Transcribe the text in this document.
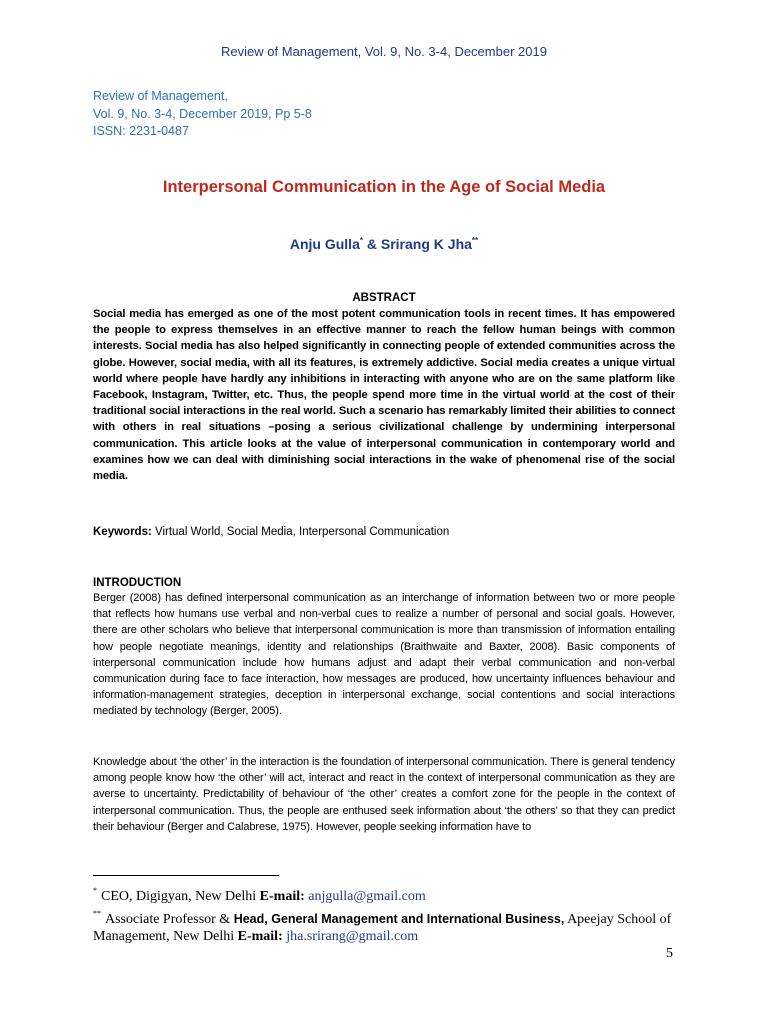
Review of Management, Vol. 9, No. 3-4, December 2019
Review of Management,
Vol. 9, No. 3-4, December 2019, Pp 5-8
ISSN: 2231-0487
Interpersonal Communication in the Age of Social Media
Anju Gulla* & Srirang K Jha**
ABSTRACT
Social media has emerged as one of the most potent communication tools in recent times. It has empowered the people to express themselves in an effective manner to reach the fellow human beings with common interests. Social media has also helped significantly in connecting people of extended communities across the globe. However, social media, with all its features, is extremely addictive. Social media creates a unique virtual world where people have hardly any inhibitions in interacting with anyone who are on the same platform like Facebook, Instagram, Twitter, etc. Thus, the people spend more time in the virtual world at the cost of their traditional social interactions in the real world. Such a scenario has remarkably limited their abilities to connect with others in real situations –posing a serious civilizational challenge by undermining interpersonal communication. This article looks at the value of interpersonal communication in contemporary world and examines how we can deal with diminishing social interactions in the wake of phenomenal rise of the social media.
Keywords: Virtual World, Social Media, Interpersonal Communication
INTRODUCTION
Berger (2008) has defined interpersonal communication as an interchange of information between two or more people that reflects how humans use verbal and non-verbal cues to realize a number of personal and social goals. However, there are other scholars who believe that interpersonal communication is more than transmission of information entailing how people negotiate meanings, identity and relationships (Braithwaite and Baxter, 2008). Basic components of interpersonal communication include how humans adjust and adapt their verbal communication and non-verbal communication during face to face interaction, how messages are produced, how uncertainty influences behaviour and information-management strategies, deception in interpersonal exchange, social contentions and social interactions mediated by technology (Berger, 2005).
Knowledge about ‘the other’ in the interaction is the foundation of interpersonal communication. There is general tendency among people know how ‘the other’ will act, interact and react in the context of interpersonal communication as they are averse to uncertainty. Predictability of behaviour of ‘the other’ creates a comfort zone for the people in the context of interpersonal communication. Thus, the people are enthused seek information about ‘the others’ so that they can predict their behaviour (Berger and Calabrese, 1975). However, people seeking information have to
* CEO, Digigyan, New Delhi E-mail: anjgulla@gmail.com
** Associate Professor & Head, General Management and International Business, Apeejay School of Management, New Delhi E-mail: jha.srirang@gmail.com
5
